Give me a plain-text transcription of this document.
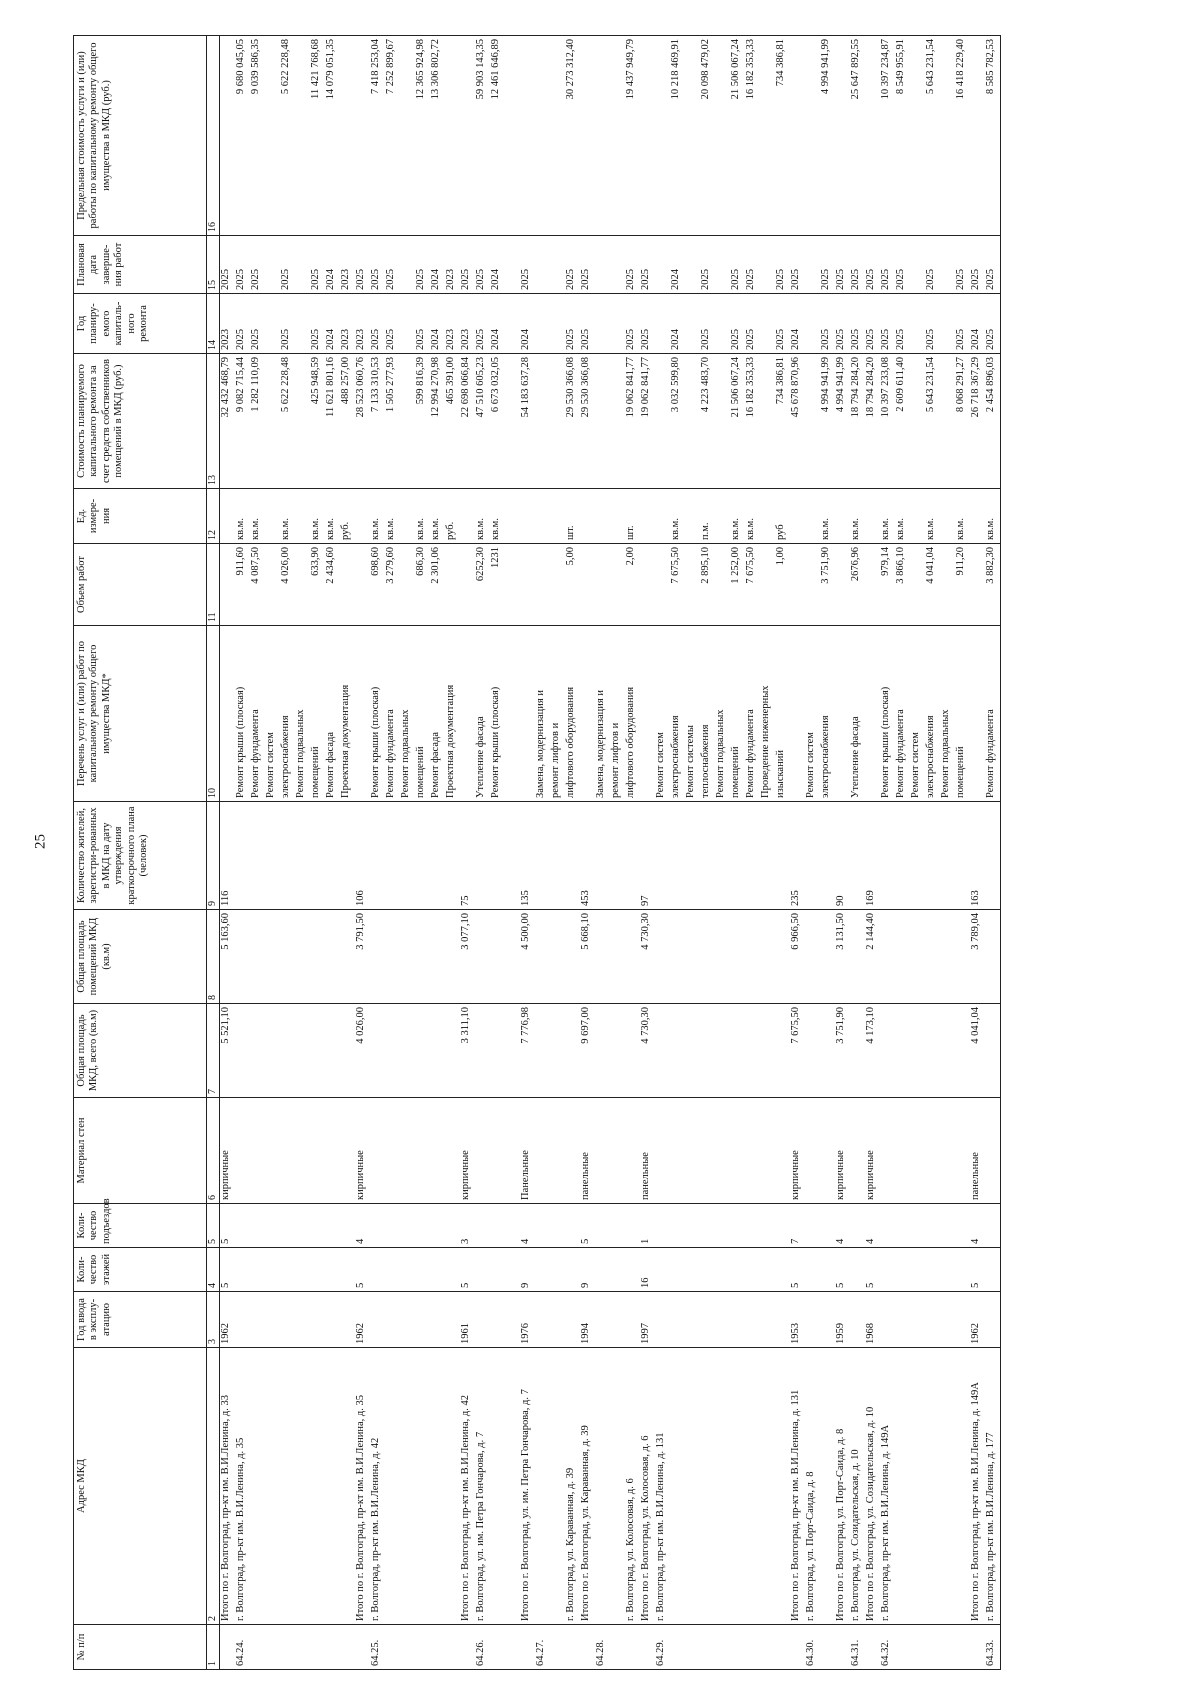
25
№ п/п	Адрес МКД	Год ввода в эксплу-атацию	Коли-чество этажей	Коли-чество подъездов	Материал стен	Общая площадь МКД, всего (кв.м)	Общая площадь помещений МКД (кв.м)	Количество жителей, зарегистри-рованных в МКД на дату утверждения краткосрочного плана (человек)	Перечень услуг и (или) работ по капитальному ремонту общего имущества МКД*	Объем работ	Ед. измере-ния	Стоимость планируемого капитального ремонта за счет средств собственников помещений в МКД (руб.)	Год планиру-емого капиталь-ного ремонта	Плановая дата заверше-ния работ	Предельная стоимость услуги и (или) работы по капитальному ремонту общего имущества в МКД (руб.)
1	2	3	4	5	6	7	8	9	10	11	12	13	14	15	16
	Итого по г. Волгоград, пр-кт им. В.И.Ленина, д. 33	1962	5	5	кирпичные	5 521,10	5 163,60	116				32 432 468,79	2023	2025	
64.24.	г. Волгоград, пр-кт им. В.И.Ленина, д. 35								Ремонт крыши (плоская)	911,60	кв.м.	9 082 715,44	2025	2025	9 680 045,05
									Ремонт фундамента	4 087,50	кв.м.	1 282 110,09	2025	2025	9 039 586,35
									Ремонт систем						
									электроснабжения	4 026,00	кв.м.	5 622 228,48	2025	2025	5 622 228,48
									Ремонт подвальных						
									помещений	633,90	кв.м.	425 948,59	2025	2025	11 421 768,68
									Ремонт фасада	2 434,60	кв.м.	11 621 801,16	2024	2024	14 079 051,35
									Проектная документация		руб.	488 257,00	2023	2023	
	Итого по г. Волгоград, пр-кт им. В.И.Ленина, д. 35	1962	5	4	кирпичные	4 026,00	3 791,50	106				28 523 060,76	2023	2025	
64.25.	г. Волгоград, пр-кт им. В.И.Ленина, д. 42								Ремонт крыши (плоская)	698,60	кв.м.	7 133 310,53	2025	2025	7 418 253,04
									Ремонт фундамента	3 279,60	кв.м.	1 505 277,93	2025	2025	7 252 899,67
									Ремонт подвальных						
									помещений	686,30	кв.м.	599 816,39	2025	2025	12 365 924,98
									Ремонт фасада	2 301,06	кв.м.	12 994 270,98	2024	2024	13 306 802,72
									Проектная документация		руб.	465 391,00	2023	2023	
	Итого по г. Волгоград, пр-кт им. В.И.Ленина, д. 42	1961	5	3	кирпичные	3 311,10	3 077,10	75				22 698 066,84	2023	2025	
64.26.	г. Волгоград, ул. им. Петра Гончарова, д. 7								Утепление фасада	6252,30	кв.м.	47 510 605,23	2025	2025	59 903 143,35
									Ремонт крыши (плоская)	1231	кв.м.	6 673 032,05	2024	2024	12 461 646,89

	Итого по г. Волгоград, ул. им. Петра Гончарова, д. 7	1976	9	4	Панельные	7 776,98	4 500,00	135				54 183 637,28	2024	2025	
64.27.									Замена, модернизация и						
									ремонт лифтов и						
	г. Волгоград, ул. Караванная, д. 39								лифтового оборудования	5,00	шт.	29 530 366,08	2025	2025	30 273 312,40
	Итого по г. Волгоград, ул. Караванная, д. 39	1994	9	5	панельные	9 697,00	5 668,10	453				29 530 366,08	2025	2025	
64.28.									Замена, модернизация и						
									ремонт лифтов и						
	г. Волгоград, ул. Колосовая, д. 6								лифтового оборудования	2,00	шт.	19 062 841,77	2025	2025	19 437 949,79
	Итого по г. Волгоград, ул. Колосовая, д. 6	1997	16	1	панельные	4 730,30	4 730,30	97				19 062 841,77	2025	2025	
64.29.	г. Волгоград, пр-кт им. В.И.Ленина, д. 131								Ремонт систем						
									электроснабжения	7 675,50	кв.м.	3 032 599,80	2024	2024	10 218 469,91
									Ремонт системы						
									теплоснабжения	2 895,10	п.м.	4 223 483,70	2025	2025	20 098 479,02
									Ремонт подвальных						
									помещений	1 252,00	кв.м.	21 506 067,24	2025	2025	21 506 067,24
									Ремонт фундамента	7 675,50	кв.м.	16 182 353,33	2025	2025	16 182 353,33
									Проведение инженерных						
									изысканий	1,00	руб	734 386,81	2025	2025	734 386,81
	Итого по г. Волгоград, пр-кт им. В.И.Ленина, д. 131	1953	5	7	кирпичные	7 675,50	6 966,50	235				45 678 870,96	2024	2025	
64.30.	г. Волгоград, ул. Порт-Саида, д. 8								Ремонт систем						
									электроснабжения	3 751,90	кв.м.	4 994 941,99	2025	2025	4 994 941,99
	Итого по г. Волгоград, ул. Порт-Саида, д. 8	1959	5	4	кирпичные	3 751,90	3 131,50	90				4 994 941,99	2025	2025	
64.31.	г. Волгоград, ул. Созидательская, д. 10								Утепление фасада	2676,96	кв.м.	18 794 284,20	2025	2025	25 647 892,55
	Итого по г. Волгоград, ул. Созидательская, д. 10	1968	5	4	кирпичные	4 173,10	2 144,40	169				18 794 284,20	2025	2025	
64.32.	г. Волгоград, пр-кт им. В.И.Ленина, д. 149А								Ремонт крыши (плоская)	979,14	кв.м.	10 397 233,08	2025	2025	10 397 234,87
									Ремонт фундамента	3 866,10	кв.м.	2 609 611,40	2025	2025	8 549 955,91
									Ремонт систем						
									электроснабжения	4 041,04	кв.м.	5 643 231,54	2025	2025	5 643 231,54
									Ремонт подвальных						
									помещений	911,20	кв.м.	8 068 291,27	2025	2025	16 418 229,40
	Итого по г. Волгоград, пр-кт им. В.И.Ленина, д. 149А	1962	5	4	панельные	4 041,04	3 789,04	163				26 718 367,29	2024	2025	
64.33.	г. Волгоград, пр-кт им. В.И.Ленина, д. 177								Ремонт фундамента	3 882,30	кв.м.	2 454 896,03	2025	2025	8 585 782,53
